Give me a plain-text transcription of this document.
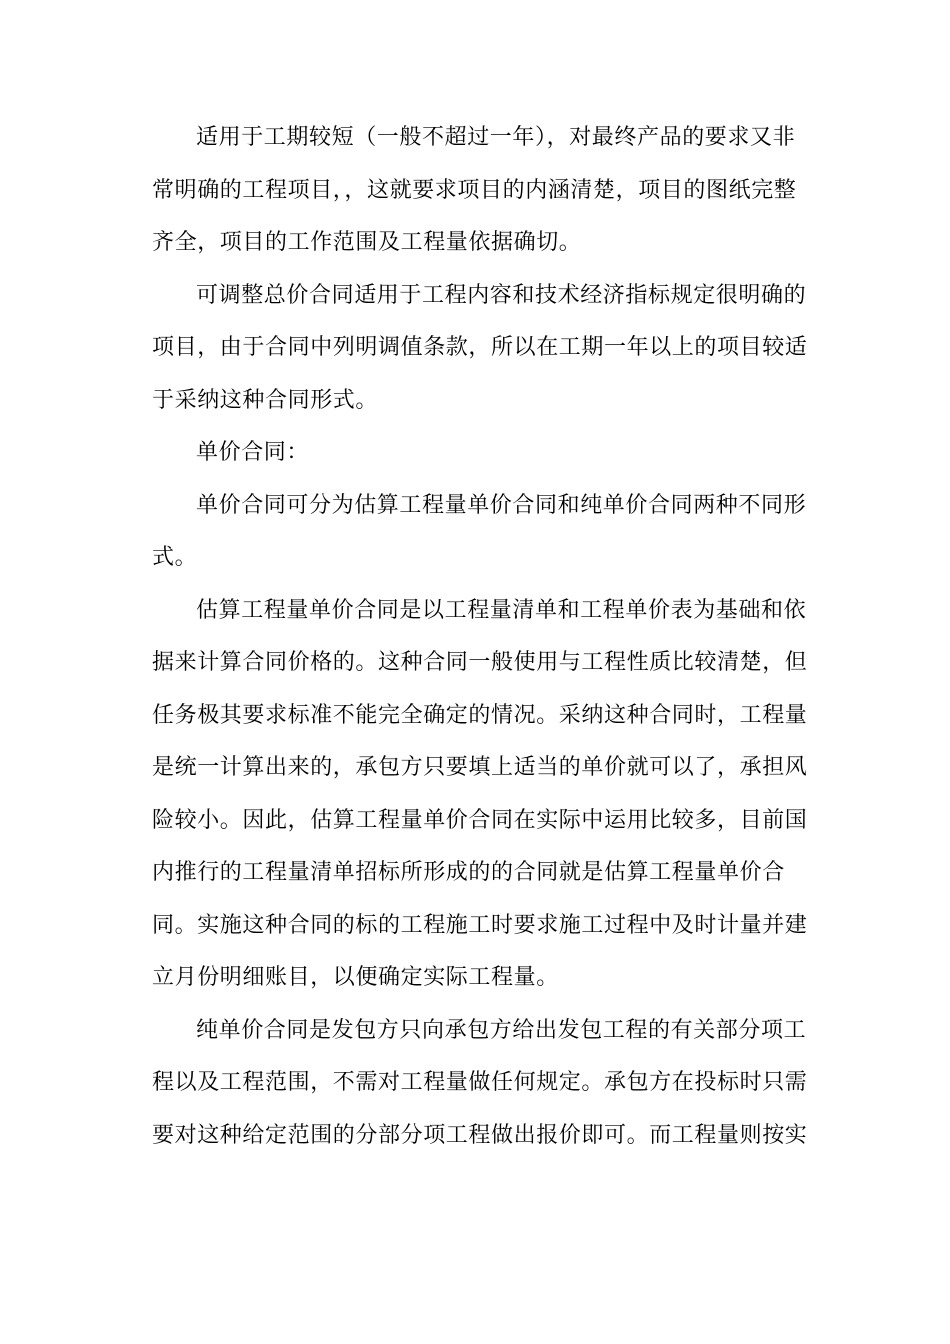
适用于工期较短（一般不超过一年），对最终产品的要求又非
常明确的工程项目，，这就要求项目的内涵清楚，项目的图纸完整
齐全，项目的工作范围及工程量依据确切。
可调整总价合同适用于工程内容和技术经济指标规定很明确的
项目，由于合同中列明调值条款，所以在工期一年以上的项目较适
于采纳这种合同形式。
单价合同：
单价合同可分为估算工程量单价合同和纯单价合同两种不同形
式。
估算工程量单价合同是以工程量清单和工程单价表为基础和依
据来计算合同价格的。这种合同一般使用与工程性质比较清楚，但
任务极其要求标准不能完全确定的情况。采纳这种合同时，工程量
是统一计算出来的，承包方只要填上适当的单价就可以了，承担风
险较小。因此，估算工程量单价合同在实际中运用比较多，目前国
内推行的工程量清单招标所形成的的合同就是估算工程量单价合
同。实施这种合同的标的工程施工时要求施工过程中及时计量并建
立月份明细账目，以便确定实际工程量。
纯单价合同是发包方只向承包方给出发包工程的有关部分项工
程以及工程范围，不需对工程量做任何规定。承包方在投标时只需
要对这种给定范围的分部分项工程做出报价即可。而工程量则按实
